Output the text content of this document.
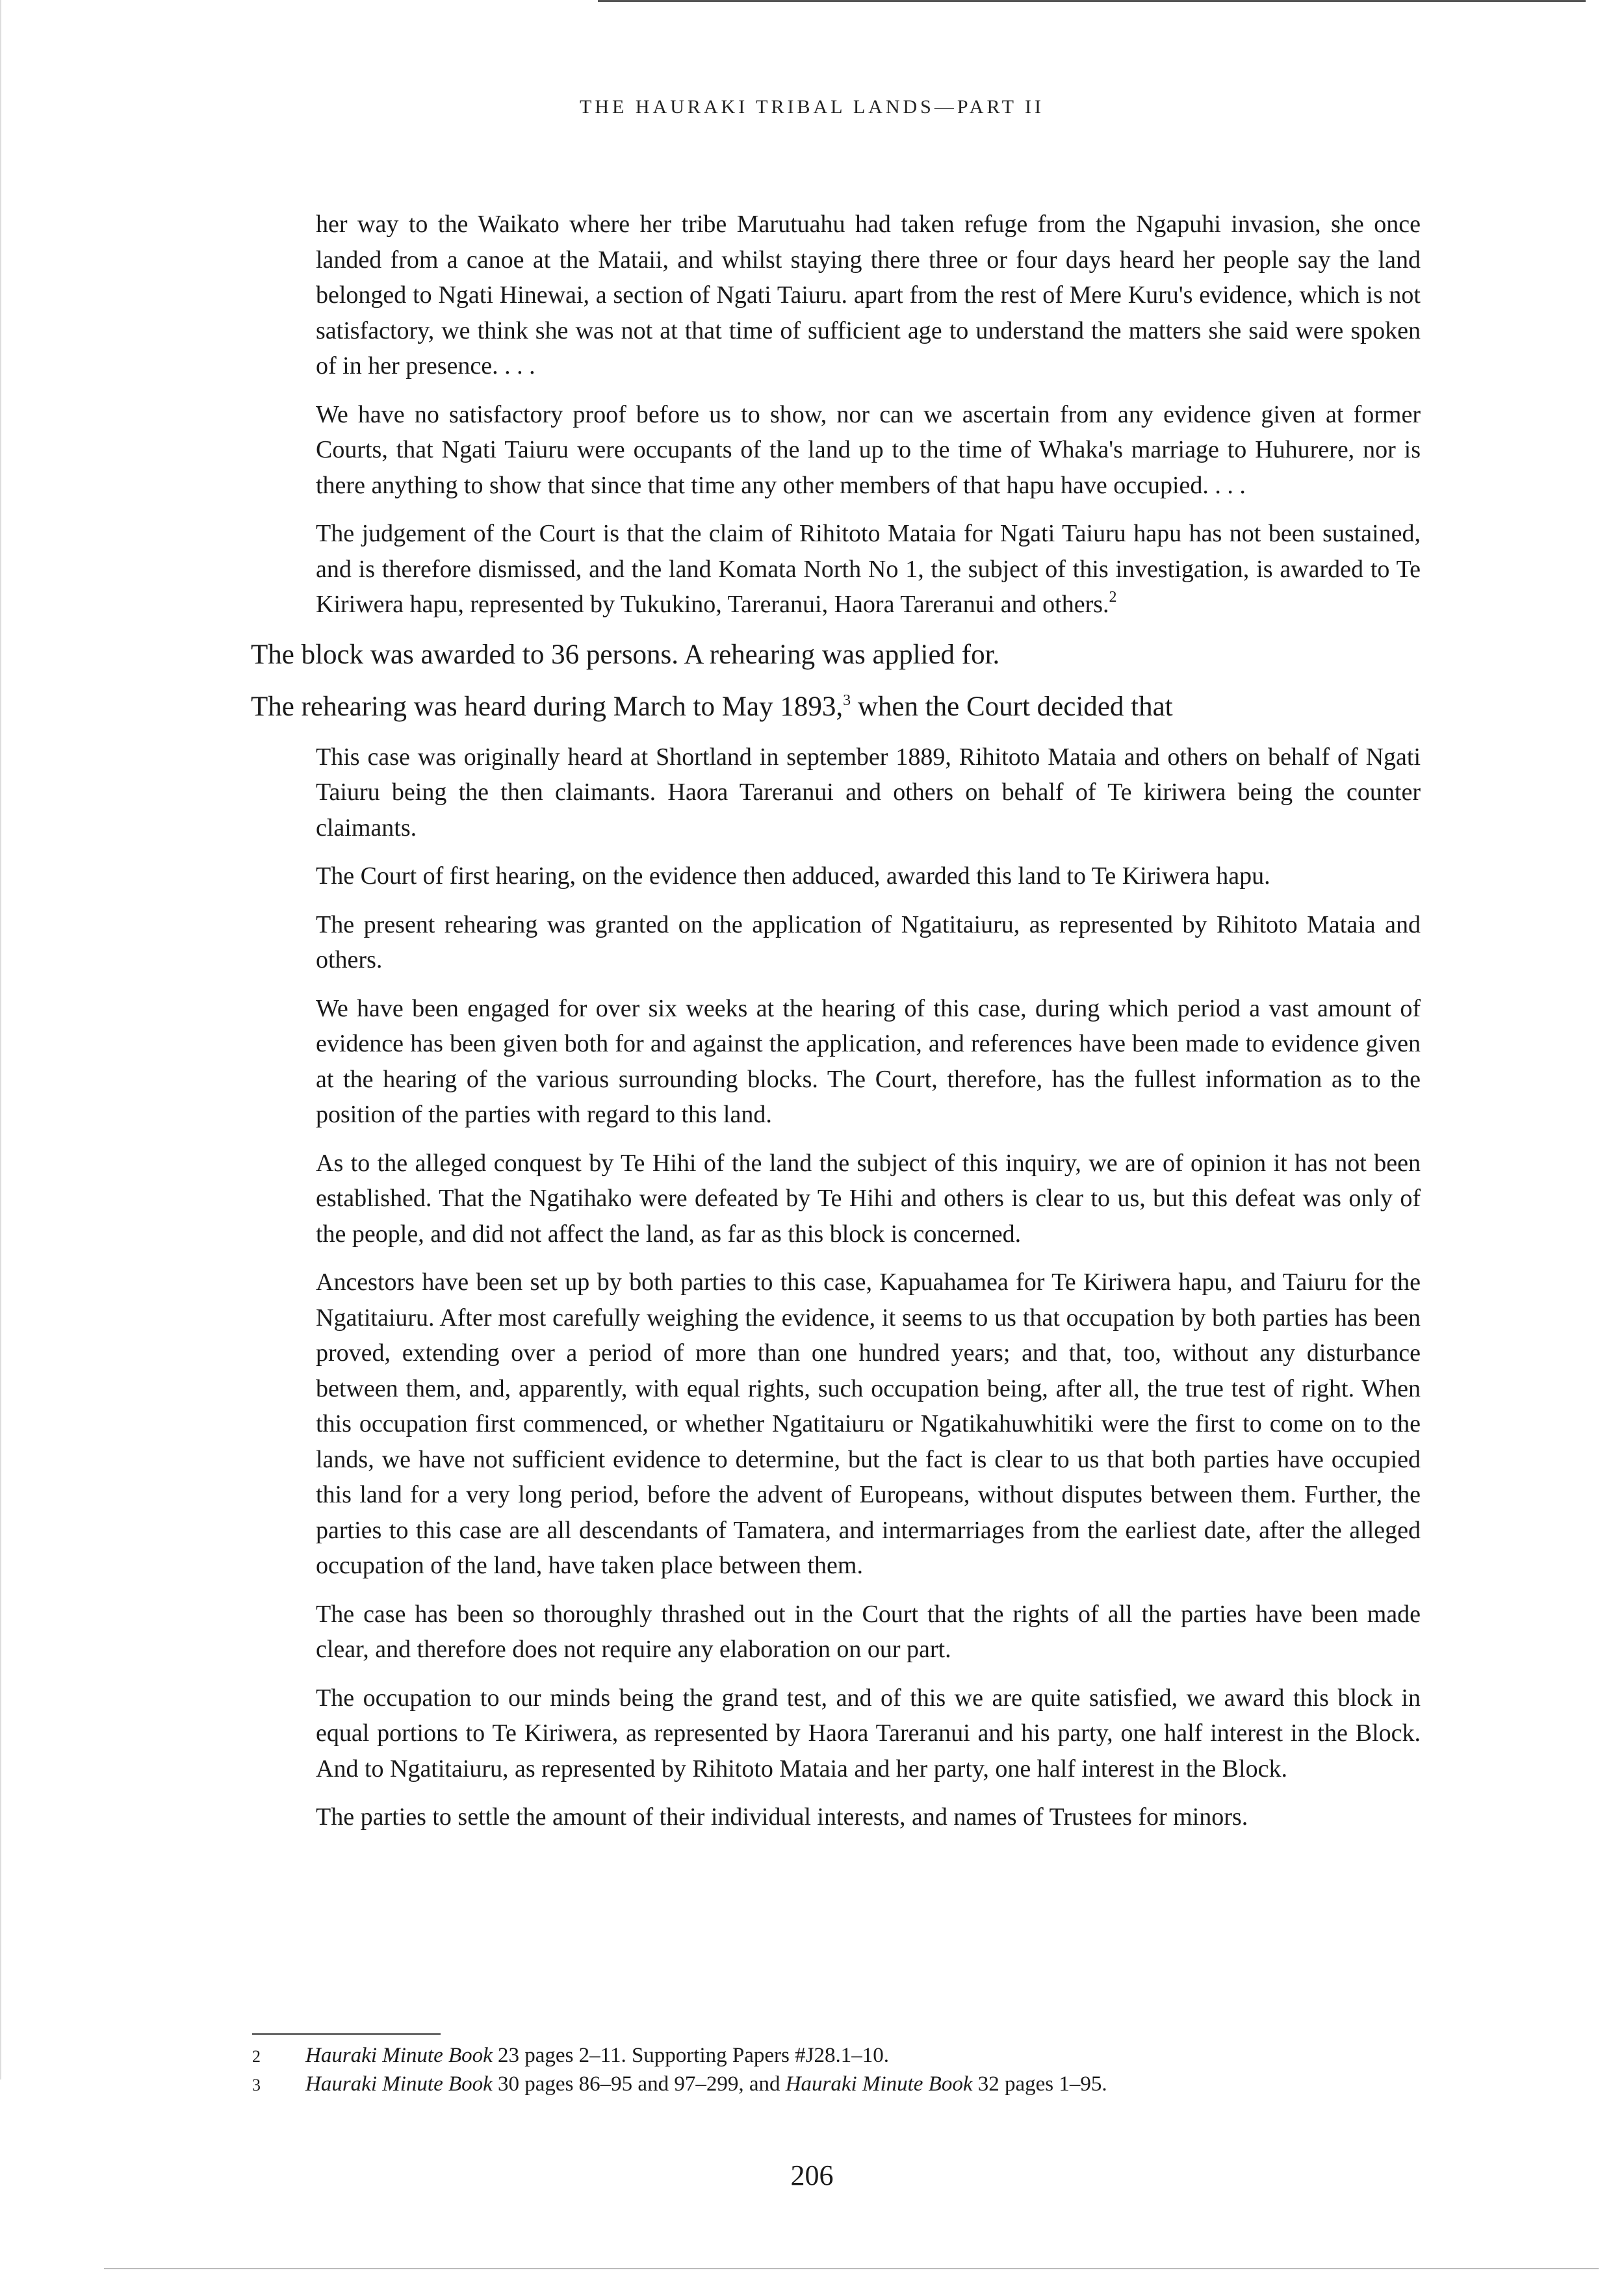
THE HAURAKI TRIBAL LANDS—PART II

her way to the Waikato where her tribe Marutuahu had taken refuge from the Ngapuhi invasion, she once landed from a canoe at the Mataii, and whilst staying there three or four days heard her people say the land belonged to Ngati Hinewai, a section of Ngati Taiuru. apart from the rest of Mere Kuru's evidence, which is not satisfactory, we think she was not at that time of sufficient age to understand the matters she said were spoken of in her presence. . . .

We have no satisfactory proof before us to show, nor can we ascertain from any evidence given at former Courts, that Ngati Taiuru were occupants of the land up to the time of Whaka's marriage to Huhurere, nor is there anything to show that since that time any other members of that hapu have occupied. . . .

The judgement of the Court is that the claim of Rihitoto Mataia for Ngati Taiuru hapu has not been sustained, and is therefore dismissed, and the land Komata North No 1, the subject of this investigation, is awarded to Te Kiriwera hapu, represented by Tukukino, Tareranui, Haora Tareranui and others.$^2$

The block was awarded to 36 persons. A rehearing was applied for.

The rehearing was heard during March to May 1893,$^3$ when the Court decided that

This case was originally heard at Shortland in september 1889, Rihitoto Mataia and others on behalf of Ngati Taiuru being the then claimants. Haora Tareranui and others on behalf of Te kiriwera being the counter claimants.

The Court of first hearing, on the evidence then adduced, awarded this land to Te Kiriwera hapu.

The present rehearing was granted on the application of Ngatitaiuru, as represented by Rihitoto Mataia and others.

We have been engaged for over six weeks at the hearing of this case, during which period a vast amount of evidence has been given both for and against the application, and references have been made to evidence given at the hearing of the various surrounding blocks. The Court, therefore, has the fullest information as to the position of the parties with regard to this land.

As to the alleged conquest by Te Hihi of the land the subject of this inquiry, we are of opinion it has not been established. That the Ngatihako were defeated by Te Hihi and others is clear to us, but this defeat was only of the people, and did not affect the land, as far as this block is concerned.

Ancestors have been set up by both parties to this case, Kapuahamea for Te Kiriwera hapu, and Taiuru for the Ngatitaiuru. After most carefully weighing the evidence, it seems to us that occupation by both parties has been proved, extending over a period of more than one hundred years; and that, too, without any disturbance between them, and, apparently, with equal rights, such occupation being, after all, the true test of right. When this occupation first commenced, or whether Ngatitaiuru or Ngatikahuwhitiki were the first to come on to the lands, we have not sufficient evidence to determine, but the fact is clear to us that both parties have occupied this land for a very long period, before the advent of Europeans, without disputes between them. Further, the parties to this case are all descendants of Tamatera, and intermarriages from the earliest date, after the alleged occupation of the land, have taken place between them.

The case has been so thoroughly thrashed out in the Court that the rights of all the parties have been made clear, and therefore does not require any elaboration on our part.

The occupation to our minds being the grand test, and of this we are quite satisfied, we award this block in equal portions to Te Kiriwera, as represented by Haora Tareranui and his party, one half interest in the Block. And to Ngatitaiuru, as represented by Rihitoto Mataia and her party, one half interest in the Block.

The parties to settle the amount of their individual interests, and names of Trustees for minors.

2	Hauraki Minute Book 23 pages 2–11. Supporting Papers #J28.1–10.
3	Hauraki Minute Book 30 pages 86–95 and 97–299, and Hauraki Minute Book 32 pages 1–95.
206
